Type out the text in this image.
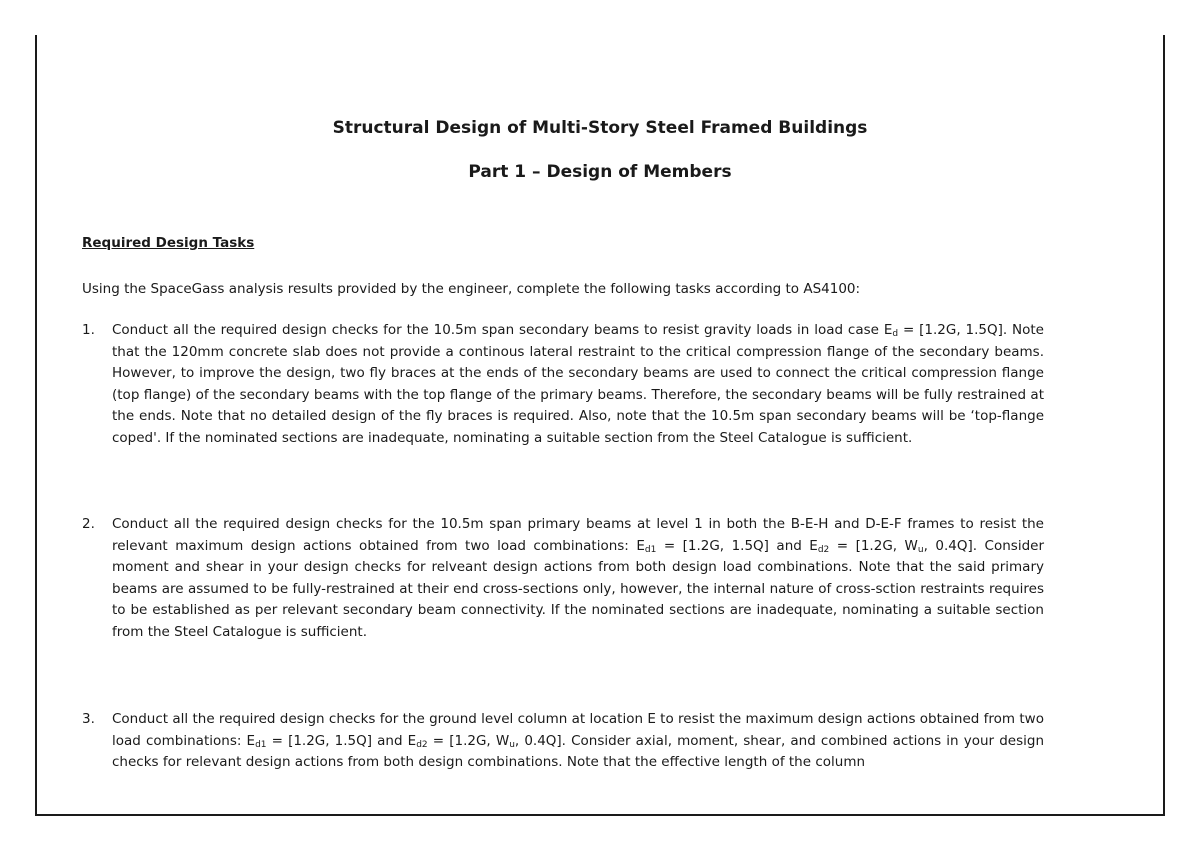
Structural Design of Multi-Story Steel Framed Buildings
Part 1 – Design of Members
Required Design Tasks
Using the SpaceGass analysis results provided by the engineer, complete the following tasks according to AS4100:
1. Conduct all the required design checks for the 10.5m span secondary beams to resist gravity loads in load case $E_d = [1.2G$, 1.5Q]. Note that the 120mm concrete slab does not provide a continous lateral restraint to the critical compression flange of the secondary beams. However, to improve the design, two fly braces at the ends of the secondary beams are used to connect the critical compression flange (top flange) of the secondary beams with the top flange of the primary beams. Therefore, the secondary beams will be fully restrained at the ends. Note that no detailed design of the fly braces is required. Also, note that the 10.5m span secondary beams will be ‘top-flange coped'. If the nominated sections are inadequate, nominating a suitable section from the Steel Catalogue is sufficient.
2. Conduct all the required design checks for the 10.5m span primary beams at level 1 in both the B-E-H and D-E-F frames to resist the relevant maximum design actions obtained from two load combinations: $E_{d1} = [1.2G$, 1.5Q] and $E_{d2} = [1.2G$, $W_u$, 0.4Q]. Consider moment and shear in your design checks for relveant design actions from both design load combinations. Note that the said primary beams are assumed to be fully-restrained at their end cross-sections only, however, the internal nature of cross-sction restraints requires to be established as per relevant secondary beam connectivity. If the nominated sections are inadequate, nominating a suitable section from the Steel Catalogue is sufficient.
3. Conduct all the required design checks for the ground level column at location E to resist the maximum design actions obtained from two load combinations: $E_{d1} = [1.2G$, 1.5Q] and $E_{d2} = [1.2G$, $W_u$, 0.4Q]. Consider axial, moment, shear, and combined actions in your design checks for relevant design actions from both design combinations. Note that the effective length of the column
